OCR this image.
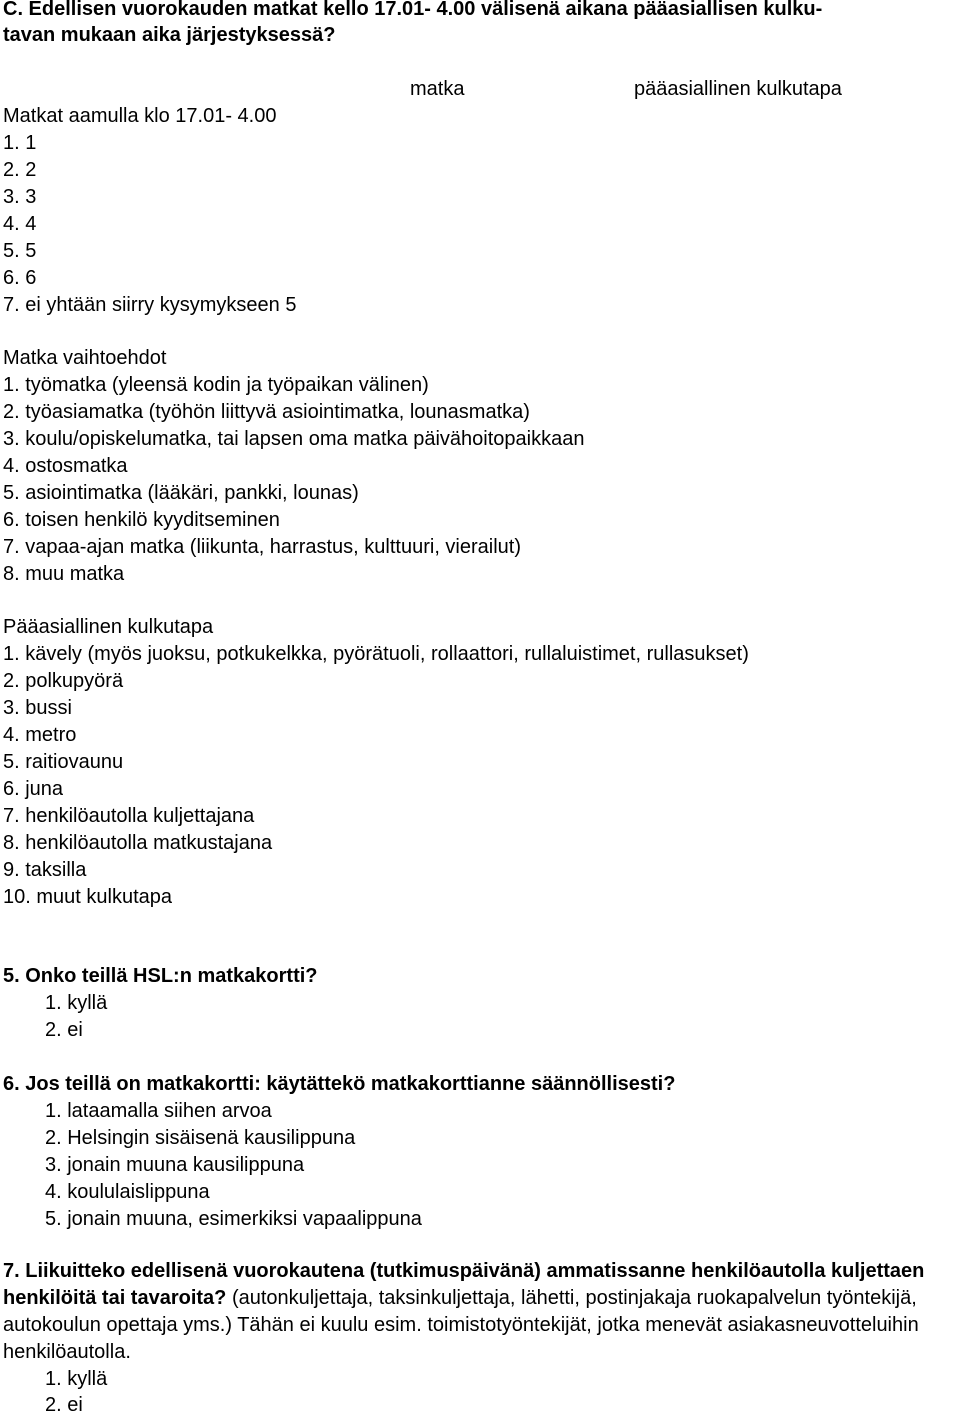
C. Edellisen vuorokauden matkat kello 17.01- 4.00 välisenä aikana pääasiallisen kulku-
tavan mukaan aika järjestyksessä?
matka	pääasiallinen kulkutapa
Matkat aamulla klo 17.01- 4.00
1. 1
2. 2
3. 3
4. 4
5. 5
6. 6
7. ei yhtään siirry kysymykseen 5
Matka vaihtoehdot
1. työmatka (yleensä kodin ja työpaikan välinen)
2. työasiamatka (työhön liittyvä asiointimatka, lounasmatka)
3. koulu/opiskelumatka, tai lapsen oma matka päivähoitopaikkaan
4. ostosmatka
5. asiointimatka (lääkäri, pankki, lounas)
6. toisen henkilö kyyditseminen
7. vapaa-ajan matka (liikunta, harrastus, kulttuuri, vierailut)
8. muu matka
Pääasiallinen kulkutapa
1. kävely (myös juoksu, potkukelkka, pyörätuoli, rollaattori, rullaluistimet, rullasukset)
2. polkupyörä
3. bussi
4. metro
5. raitiovaunu
6. juna
7. henkilöautolla kuljettajana
8. henkilöautolla matkustajana
9. taksilla
10. muut kulkutapa
5. Onko teillä HSL:n matkakortti?
1. kyllä
2. ei
6. Jos teillä on matkakortti: käytättekö matkakorttianne säännöllisesti?
1. lataamalla siihen arvoa
2. Helsingin sisäisenä kausilippuna
3. jonain muuna kausilippuna
4. koululaislippuna
5. jonain muuna, esimerkiksi vapaalippuna

7. Liikuitteko edellisenä vuorokautena (tutkimuspäivänä) ammatissanne henkilöautolla kuljettaen henkilöitä tai tavaroita? (autonkuljettaja, taksinkuljettaja, lähetti, postinjakaja ruokapalvelun työntekijä, autokoulun opettaja yms.) Tähän ei kuulu esim. toimistotyöntekijät, jotka menevät asiakasneuvotteluihin henkilöautolla.

1. kyllä
2. ei
